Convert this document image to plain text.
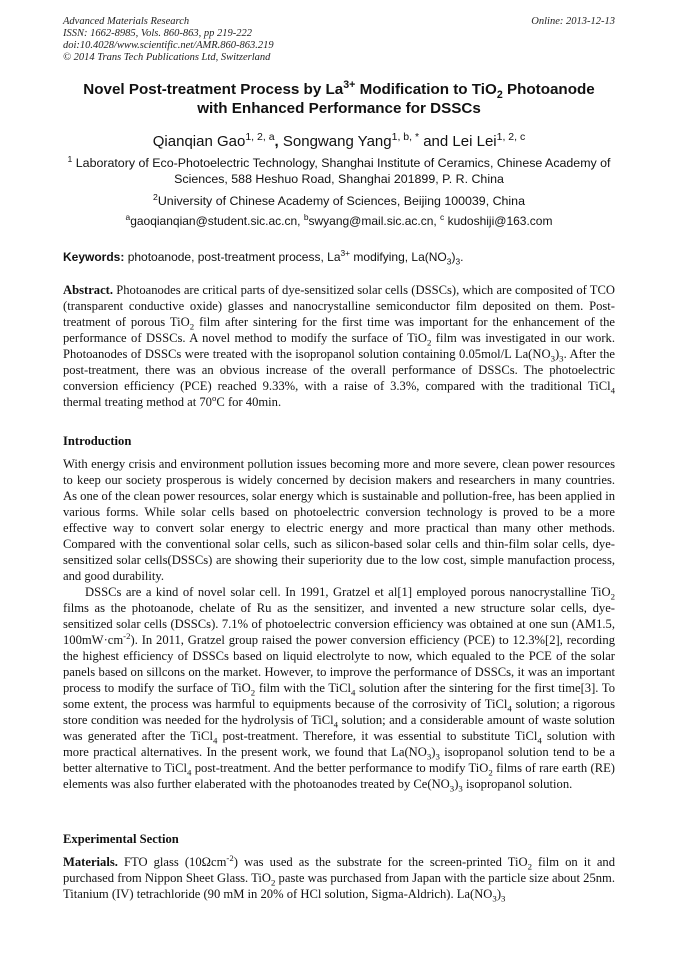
Advanced Materials Research
ISSN: 1662-8985, Vols. 860-863, pp 219-222
doi:10.4028/www.scientific.net/AMR.860-863.219
© 2014 Trans Tech Publications Ltd, Switzerland
Online: 2013-12-13
Novel Post-treatment Process by $La^{3+}$ Modification to TiO$_2$ Photoanode
with Enhanced Performance for DSSCs
Qianqian Gao$^{1, 2, a}$, Songwang Yang$^{1, b, *}$ and Lei Lei$^{1, 2, c}$
$^1$ Laboratory of Eco-Photoelectric Technology, Shanghai Institute of Ceramics, Chinese Academy of Sciences, 588 Heshuo Road, Shanghai 201899, P. R. China
$^2$University of Chinese Academy of Sciences, Beijing 100039, China
$^a$gaoqianqian@student.sic.ac.cn, $^b$swyang@mail.sic.ac.cn, $^c$ kudoshiji@163.com
Keywords: photoanode, post-treatment process, $La^{3+}$ modifying, $La(NO_3)_3$.

Abstract. Photoanodes are critical parts of dye-sensitized solar cells (DSSCs), which are composited of TCO (transparent conductive oxide) glasses and nanocrystalline semiconductor film deposited on them. Post-treatment of porous TiO$_2$ film after sintering for the first time was important for the enhancement of the performance of DSSCs. A novel method to modify the surface of TiO$_2$ film was investigated in our work. Photoanodes of DSSCs were treated with the isopropanol solution containing 0.05mol/L $La(NO_3)_3$. After the post-treatment, there was an obvious increase of the overall performance of DSSCs. The photoelectric conversion efficiency (PCE) reached 9.33%, with a raise of 3.3%, compared with the traditional TiCl$_4$ thermal treating method at 70$^o$C for 40min.

Introduction

With energy crisis and environment pollution issues becoming more and more severe, clean power resources to keep our society prosperous is widely concerned by decision makers and researchers in many countries. As one of the clean power resources, solar energy which is sustainable and pollution-free, has been applied in various forms. While solar cells based on photoelectric conversion technology is proved to be a more effective way to convert solar energy to electric energy and more practical than many other methods. Compared with the conventional solar cells, such as silicon-based solar cells and thin-film solar cells, dye-sensitized solar cells(DSSCs) are showing their superiority due to the low cost, simple manufaction process, and good durability.

DSSCs are a kind of novel solar cell. In 1991, Gratzel et al[1] employed porous nanocrystalline TiO$_2$ films as the photoanode, chelate of Ru as the sensitizer, and invented a new structure solar cells, dye-sensitized solar cells (DSSCs). 7.1% of photoelectric conversion efficiency was obtained at one sun (AM1.5, $100mW\cdot cm^{-2}$). In 2011, Gratzel group raised the power conversion efficiency (PCE) to 12.3%[2], recording the highest efficiency of DSSCs based on liquid electrolyte to now, which equaled to the PCE of the solar panels based on sillcons on the market. However, to improve the performance of DSSCs, it was an important process to modify the surface of TiO$_2$ film with the TiCl$_4$ solution after the sintering for the first time[3]. To some extent, the process was harmful to equipments because of the corrosivity of TiCl$_4$ solution; a rigorous store condition was needed for the hydrolysis of TiCl$_4$ solution; and a considerable amount of waste solution was generated after the TiCl$_4$ post-treatment. Therefore, it was essential to substitute TiCl$_4$ solution with more practical alternatives. In the present work, we found that $La(NO_3)_3$ isopropanol solution tend to be a better alternative to TiCl$_4$ post-treatment. And the better performance to modify TiO$_2$ films of rare earth (RE) elements was also further elaberated with the photoanodes treated by $Ce(NO_3)_3$ isopropanol solution.

Experimental Section

Materials. FTO glass (10Ωcm$^{-2}$) was used as the substrate for the screen-printed TiO$_2$ film on it and purchased from Nippon Sheet Glass. TiO$_2$ paste was purchased from Japan with the particle size about 25nm. Titanium (IV) tetrachloride (90 mM in 20% of HCl solution, Sigma-Aldrich). $La(NO_3)_3$
